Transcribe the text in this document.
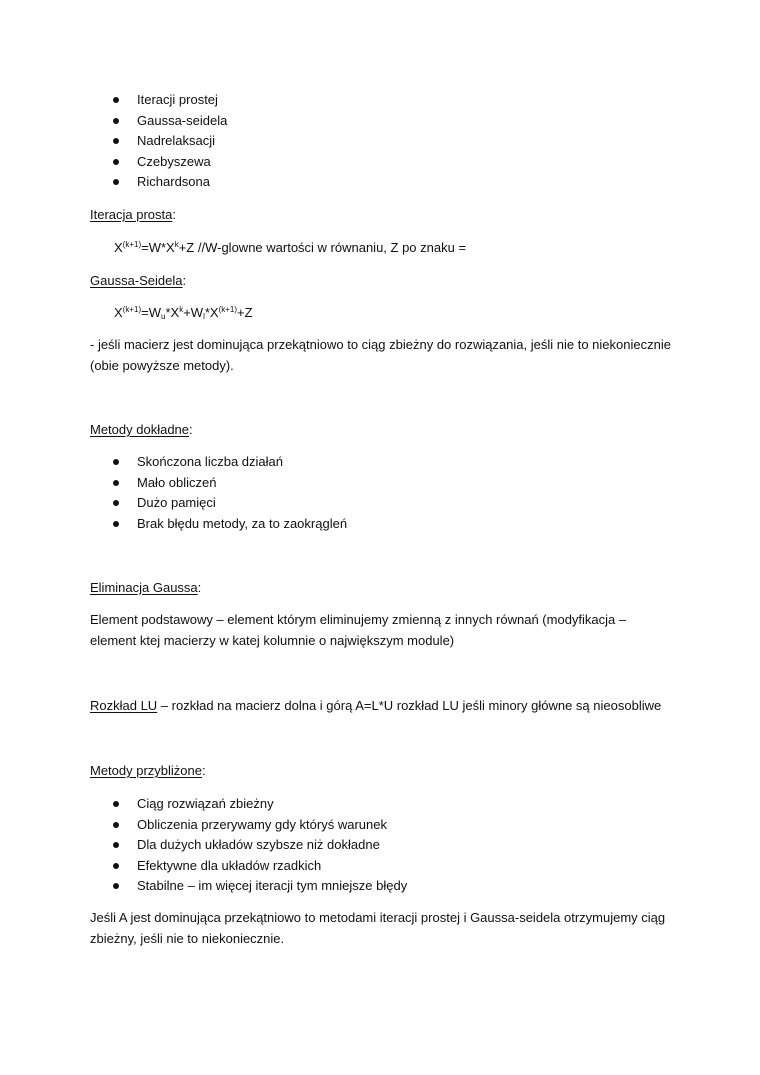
Iteracji prostej
Gaussa-seidela
Nadrelaksacji
Czebyszewa
Richardsona
Iteracja prosta:
$X^{(k+1)}=W*X^k+Z$ //W-glowne wartości w równaniu, Z po znaku =
Gaussa-Seidela:
$X^{(k+1)}=W_u*X^k+W_l*X^{(k+1)}+Z$
- jeśli macierz jest dominująca przekątniowo to ciąg zbieżny do rozwiązania, jeśli nie to niekoniecznie
(obie powyższe metody).
Metody dokładne:
Skończona liczba działań
Mało obliczeń
Dużo pamięci
Brak błędu metody, za to zaokrągleń
Eliminacja Gaussa:
Element podstawowy – element którym eliminujemy zmienną z innych równań (modyfikacja –
element ktej macierzy w katej kolumnie o największym module)
Rozkład LU – rozkład na macierz dolna i górą A=L*U rozkład LU jeśli minory główne są nieosobliwe
Metody przybliżone:
Ciąg rozwiązań zbieżny
Obliczenia przerywamy gdy któryś warunek
Dla dużych układów szybsze niż dokładne
Efektywne dla układów rzadkich
Stabilne – im więcej iteracji tym mniejsze błędy
Jeśli A jest dominująca przekątniowo to metodami iteracji prostej i Gaussa-seidela otrzymujemy ciąg
zbieżny, jeśli nie to niekoniecznie.
